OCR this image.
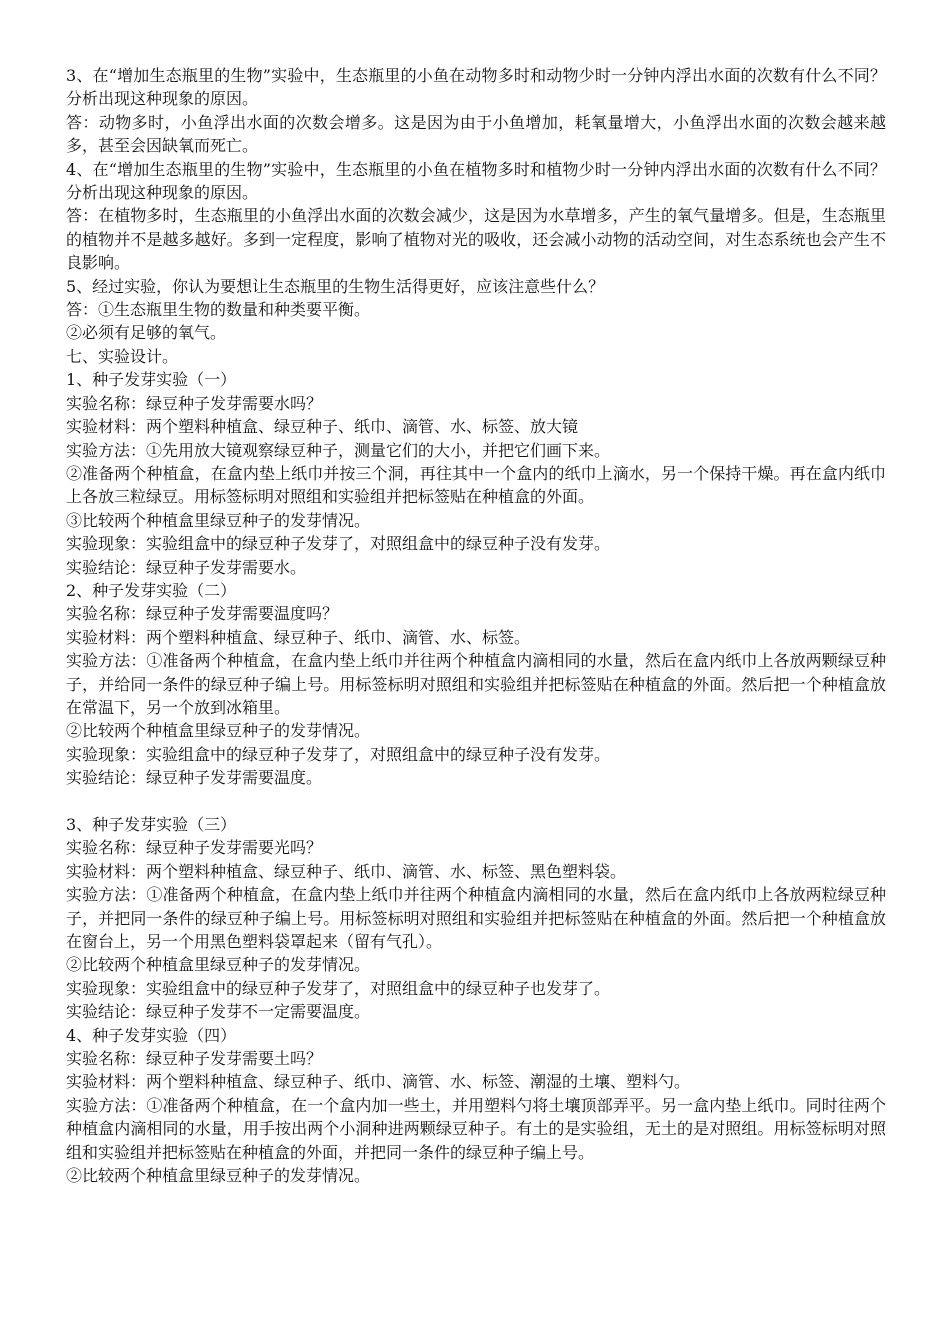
3、在“增加生态瓶里的生物”实验中，生态瓶里的小鱼在动物多时和动物少时一分钟内浮出水面的次数有什么不同？分析出现这种现象的原因。

答：动物多时，小鱼浮出水面的次数会增多。这是因为由于小鱼增加，耗氧量增大，小鱼浮出水面的次数会越来越多，甚至会因缺氧而死亡。

4、在“增加生态瓶里的生物”实验中，生态瓶里的小鱼在植物多时和植物少时一分钟内浮出水面的次数有什么不同？分析出现这种现象的原因。

答：在植物多时，生态瓶里的小鱼浮出水面的次数会减少，这是因为水草增多，产生的氧气量增多。但是，生态瓶里的植物并不是越多越好。多到一定程度，影响了植物对光的吸收，还会减小动物的活动空间，对生态系统也会产生不良影响。

5、经过实验，你认为要想让生态瓶里的生物生活得更好，应该注意些什么？

答：①生态瓶里生物的数量和种类要平衡。

②必须有足够的氧气。

七、实验设计。

1、种子发芽实验（一）

实验名称：绿豆种子发芽需要水吗？

实验材料：两个塑料种植盒、绿豆种子、纸巾、滴管、水、标签、放大镜

实验方法：①先用放大镜观察绿豆种子，测量它们的大小，并把它们画下来。

②准备两个种植盒，在盒内垫上纸巾并按三个洞，再往其中一个盒内的纸巾上滴水，另一个保持干燥。再在盒内纸巾上各放三粒绿豆。用标签标明对照组和实验组并把标签贴在种植盒的外面。

③比较两个种植盒里绿豆种子的发芽情况。

实验现象：实验组盒中的绿豆种子发芽了，对照组盒中的绿豆种子没有发芽。

实验结论：绿豆种子发芽需要水。

2、种子发芽实验（二）

实验名称：绿豆种子发芽需要温度吗？

实验材料：两个塑料种植盒、绿豆种子、纸巾、滴管、水、标签。

实验方法：①准备两个种植盒，在盒内垫上纸巾并往两个种植盒内滴相同的水量，然后在盒内纸巾上各放两颗绿豆种子，并给同一条件的绿豆种子编上号。用标签标明对照组和实验组并把标签贴在种植盒的外面。然后把一个种植盒放在常温下，另一个放到冰箱里。

②比较两个种植盒里绿豆种子的发芽情况。

实验现象：实验组盒中的绿豆种子发芽了，对照组盒中的绿豆种子没有发芽。

实验结论：绿豆种子发芽需要温度。

3、种子发芽实验（三）

实验名称：绿豆种子发芽需要光吗？

实验材料：两个塑料种植盒、绿豆种子、纸巾、滴管、水、标签、黑色塑料袋。

实验方法：①准备两个种植盒，在盒内垫上纸巾并往两个种植盒内滴相同的水量，然后在盒内纸巾上各放两粒绿豆种子，并把同一条件的绿豆种子编上号。用标签标明对照组和实验组并把标签贴在种植盒的外面。然后把一个种植盒放在窗台上，另一个用黑色塑料袋罩起来（留有气孔）。

②比较两个种植盒里绿豆种子的发芽情况。

实验现象：实验组盒中的绿豆种子发芽了，对照组盒中的绿豆种子也发芽了。

实验结论：绿豆种子发芽不一定需要温度。

4、种子发芽实验（四）

实验名称：绿豆种子发芽需要土吗？

实验材料：两个塑料种植盒、绿豆种子、纸巾、滴管、水、标签、潮湿的土壤、塑料勺。

实验方法：①准备两个种植盒，在一个盒内加一些土，并用塑料勺将土壤顶部弄平。另一盒内垫上纸巾。同时往两个种植盒内滴相同的水量，用手按出两个小洞种进两颗绿豆种子。有土的是实验组，无土的是对照组。用标签标明对照组和实验组并把标签贴在种植盒的外面，并把同一条件的绿豆种子编上号。

②比较两个种植盒里绿豆种子的发芽情况。
